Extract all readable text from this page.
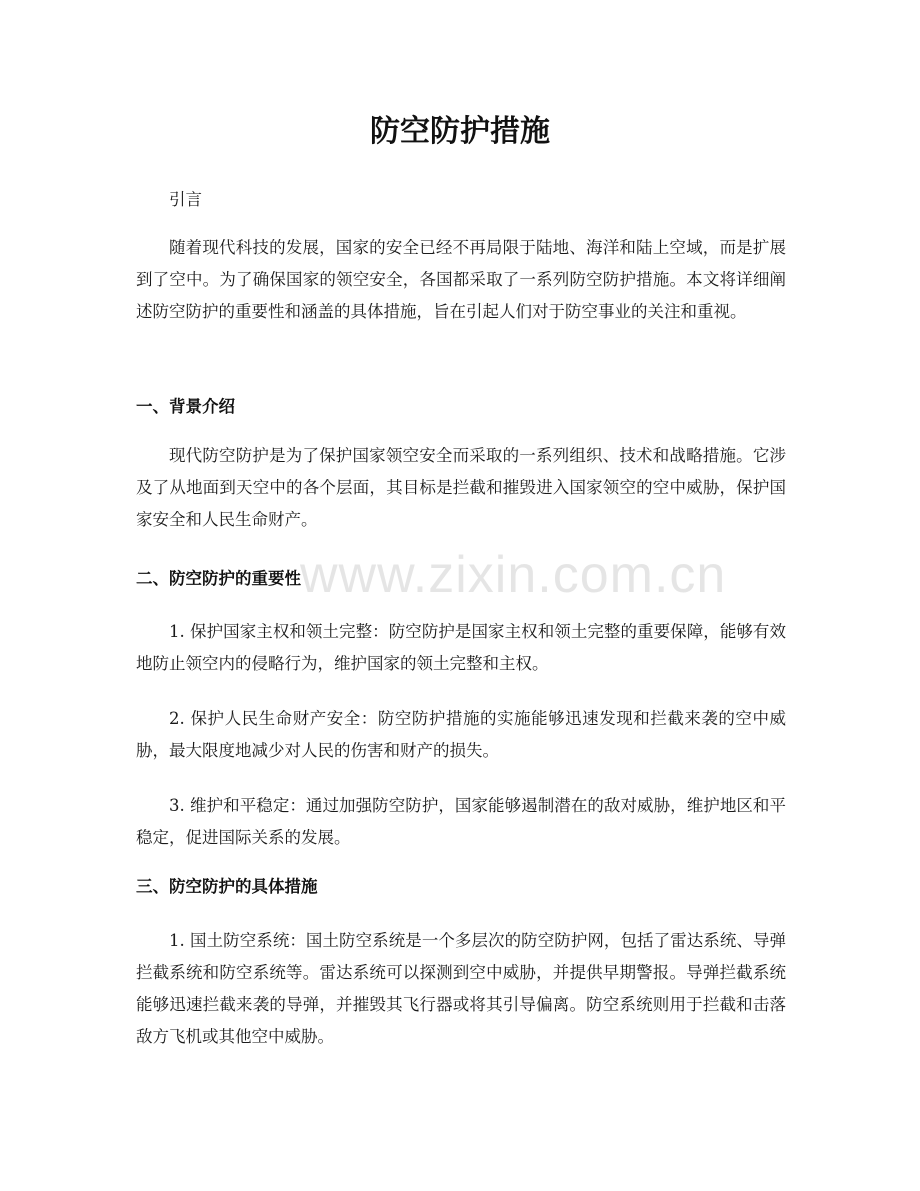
防空防护措施

引言

随着现代科技的发展，国家的安全已经不再局限于陆地、海洋和陆上空域，而是扩展到了空中。为了确保国家的领空安全，各国都采取了一系列防空防护措施。本文将详细阐述防空防护的重要性和涵盖的具体措施，旨在引起人们对于防空事业的关注和重视。

一、背景介绍

现代防空防护是为了保护国家领空安全而采取的一系列组织、技术和战略措施。它涉及了从地面到天空中的各个层面，其目标是拦截和摧毁进入国家领空的空中威胁，保护国家安全和人民生命财产。

二、防空防护的重要性

1. 保护国家主权和领土完整：防空防护是国家主权和领土完整的重要保障，能够有效地防止领空内的侵略行为，维护国家的领土完整和主权。

2. 保护人民生命财产安全：防空防护措施的实施能够迅速发现和拦截来袭的空中威胁，最大限度地减少对人民的伤害和财产的损失。

3. 维护和平稳定：通过加强防空防护，国家能够遏制潜在的敌对威胁，维护地区和平稳定，促进国际关系的发展。

三、防空防护的具体措施

1. 国土防空系统：国土防空系统是一个多层次的防空防护网，包括了雷达系统、导弹拦截系统和防空系统等。雷达系统可以探测到空中威胁，并提供早期警报。导弹拦截系统能够迅速拦截来袭的导弹，并摧毁其飞行器或将其引导偏离。防空系统则用于拦截和击落敌方飞机或其他空中威胁。

www.zixin.com.cn
